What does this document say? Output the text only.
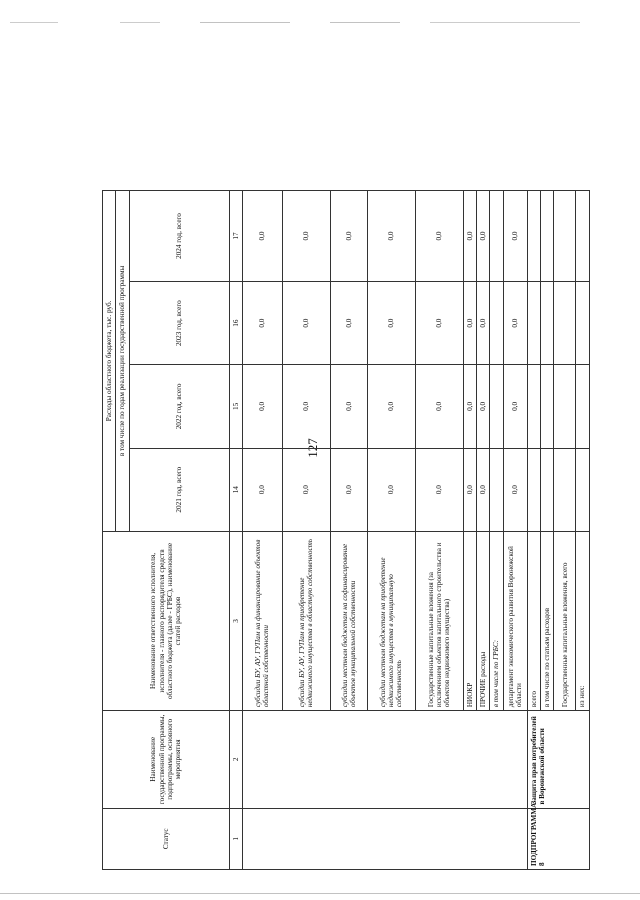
127
Статус	Наименование государственной программы, подпрограммы, основного мероприятия	Наименование ответственного исполнителя, исполнителя - главного распорядителя средств областного бюджета (далее - ГРБС), наименование статей расходов	Расходы областного бюджета, тыс. руб.			
			в том числе по годам реализации государственной программы			
			2021 год, всего	2022 год, всего	2023 год, всего	2024 год, всего
1	2	3	14	15	16	17
		субсидии БУ, АУ, ГУПам на финансирование объектов областной собственности	0,0	0,0	0,0	0,0
		субсидии БУ, АУ, ГУПам на приобретение недвижимого имущества в областную собственность	0,0	0,0	0,0	0,0
		субсидии местным бюджетам на софинансирование объектов муниципальной собственности	0,0	0,0	0,0	0,0
		субсидии местным бюджетам на приобретение недвижимого имущества в муниципальную собственность	0,0	0,0	0,0	0,0
		Государственные капитальные вложения (за исключением объектов капитального строительства и объектов недвижимого имущества)	0,0	0,0	0,0	0,0
		НИОКР	0,0	0,0	0,0	0,0
		ПРОЧИЕ расходы	0,0	0,0	0,0	0,0
		в том числе по ГРБС:				
		департамент экономического развития Воронежской области	0,0	0,0	0,0	0,0
ПОДПРОГРАММА 8	Защита прав потребителей в Воронежской области	всего				
		в том числе по статьям расходов				
		Государственные капитальные вложения, всего				
		из них:				
